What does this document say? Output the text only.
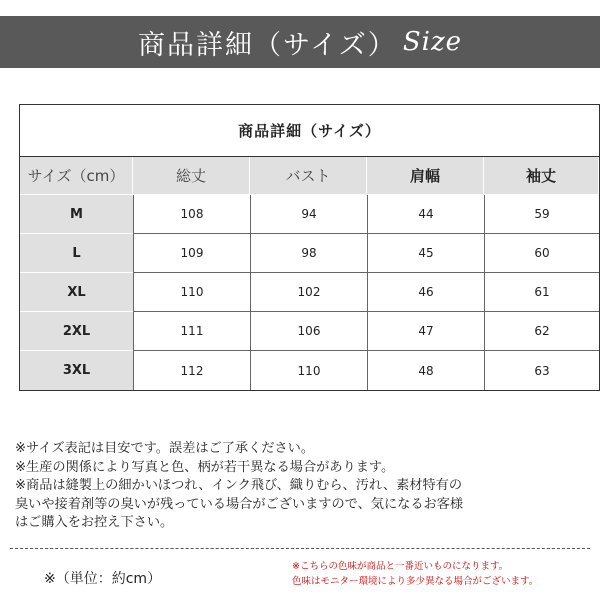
商品詳細（サイズ） Size
商品詳細（サイズ）				
サイズ（cm）	総丈	バスト	肩幅	袖丈
M	108	94	44	59
L	109	98	45	60
XL	110	102	46	61
2XL	111	106	47	62
3XL	112	110	48	63
※サイズ表記は目安です。誤差はご了承ください。
※生産の関係により写真と色、柄が若干異なる場合があります。
※商品は縫製上の細かいほつれ、インク飛び、織りむら、汚れ、素材特有の
臭いや接着剤等の臭いが残っている場合がございますので、気になるお客様
はご購入をお控え下さい。
※（単位：約cm）
※こちらの色味が商品と一番近いものになります。
色味はモニター環境により多少異なる場合がございます。
